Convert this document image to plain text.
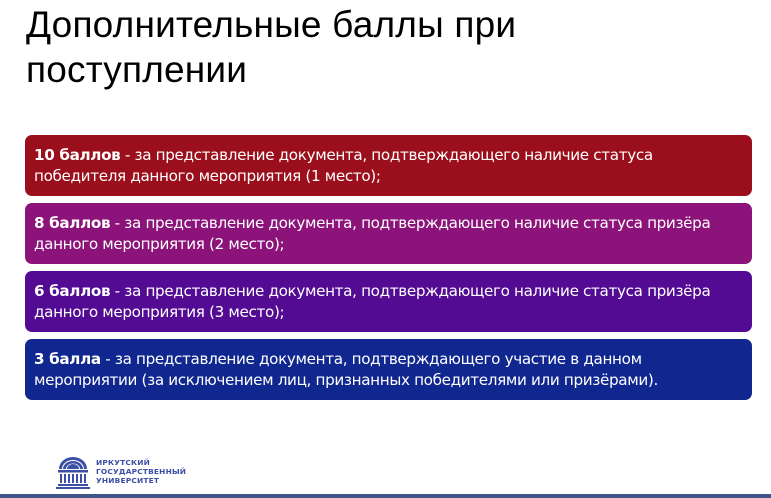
Дополнительные баллы при поступлении
10 баллов - за представление документа, подтверждающего наличие статуса победителя данного мероприятия (1 место);
8 баллов - за представление документа, подтверждающего наличие статуса призёра данного мероприятия (2 место);
6 баллов - за представление документа, подтверждающего наличие статуса призёра данного мероприятия (3 место);
3 балла - за представление документа, подтверждающего участие в данном мероприятии (за исключением лиц, признанных победителями или призёрами).
ИРКУТСКИЙ
ГОСУДАРСТВЕННЫЙ
УНИВЕРСИТЕТ
